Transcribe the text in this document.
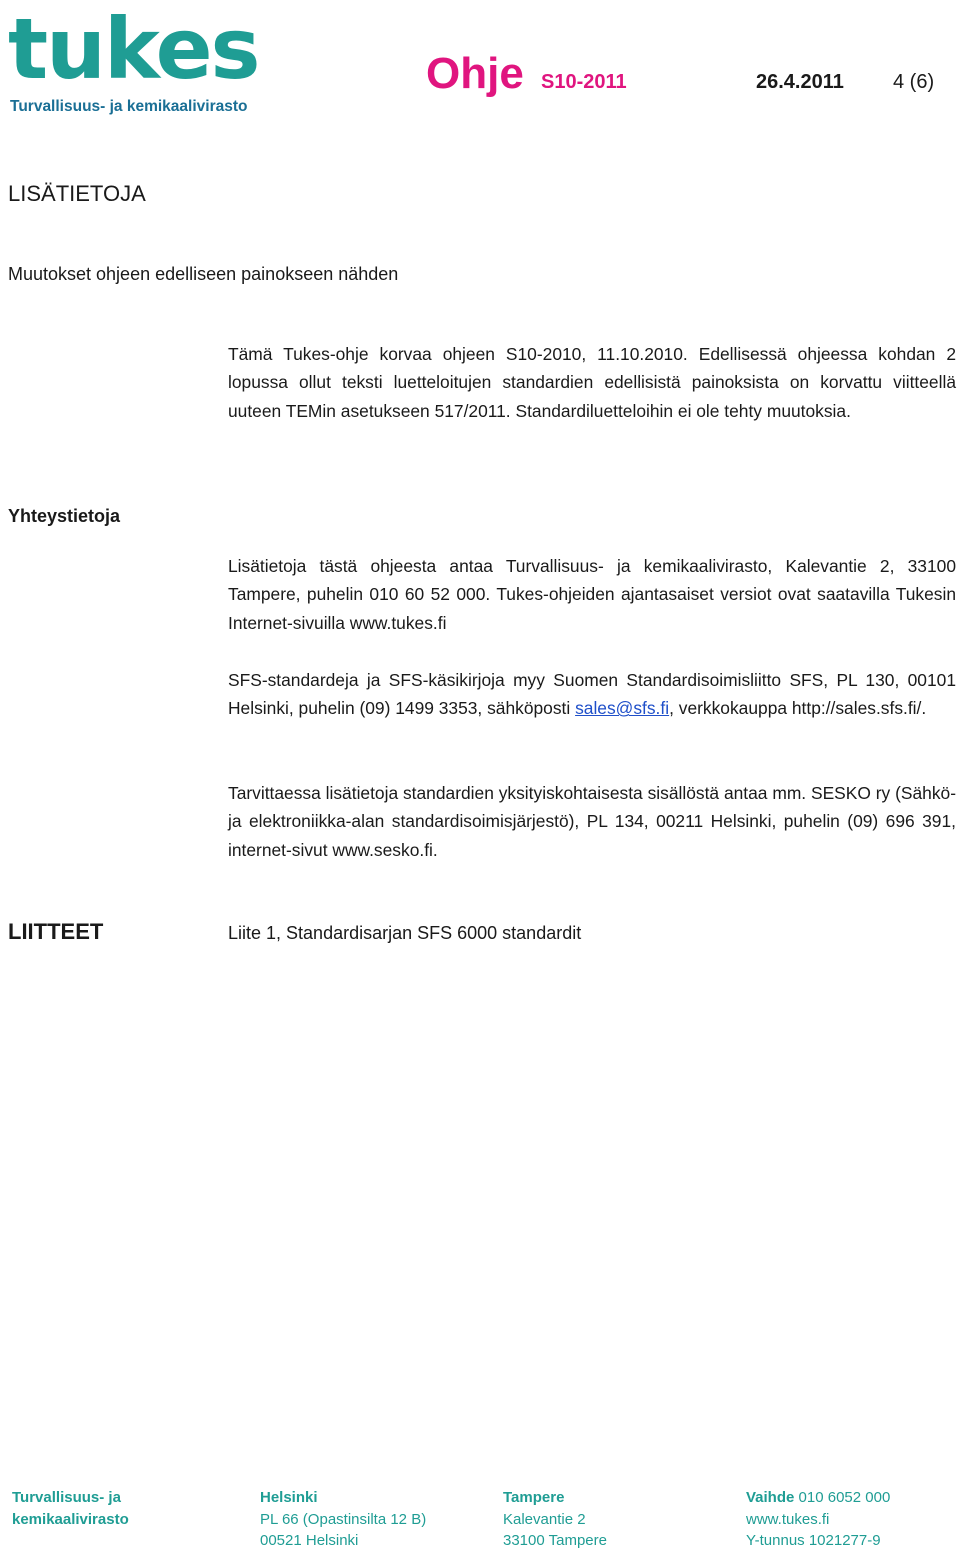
tukes
Turvallisuus- ja kemikaalivirasto
Ohje S10-2011	26.4.2011 4 (6)
LISÄTIETOJA
Muutokset ohjeen edelliseen painokseen nähden

Tämä Tukes-ohje korvaa ohjeen S10-2010, 11.10.2010. Edellisessä ohjeessa kohdan 2 lopussa ollut teksti luetteloitujen standardien edellisistä painoksista on korvattu viitteellä uuteen TEMin asetukseen 517/2011. Standardiluetteloihin ei ole tehty muutoksia.

Yhteystietoja

Lisätietoja tästä ohjeesta antaa Turvallisuus- ja kemikaalivirasto, Kalevantie 2, 33100 Tampere, puhelin 010 60 52 000. Tukes-ohjeiden ajantasaiset versiot ovat saatavilla Tukesin Internet-sivuilla www.tukes.fi

SFS-standardeja ja SFS-käsikirjoja myy Suomen Standardisoimisliitto SFS, PL 130, 00101 Helsinki, puhelin (09) 1499 3353, sähköposti sales@sfs.fi, verkkokauppa http://sales.sfs.fi/.

Tarvittaessa lisätietoja standardien yksityiskohtaisesta sisällöstä antaa mm. SESKO ry (Sähkö- ja elektroniikka-alan standardisoimisjärjestö), PL 134, 00211 Helsinki, puhelin (09) 696 391, internet-sivut www.sesko.fi.

LIITTEET	Liite 1, Standardisarjan SFS 6000 standardit
Turvallisuus- ja
kemikaalivirasto
Helsinki
PL 66 (Opastinsilta 12 B)
00521 Helsinki
Tampere
Kalevantie 2
33100 Tampere
Vaihde 010 6052 000
www.tukes.fi
Y-tunnus 1021277-9
